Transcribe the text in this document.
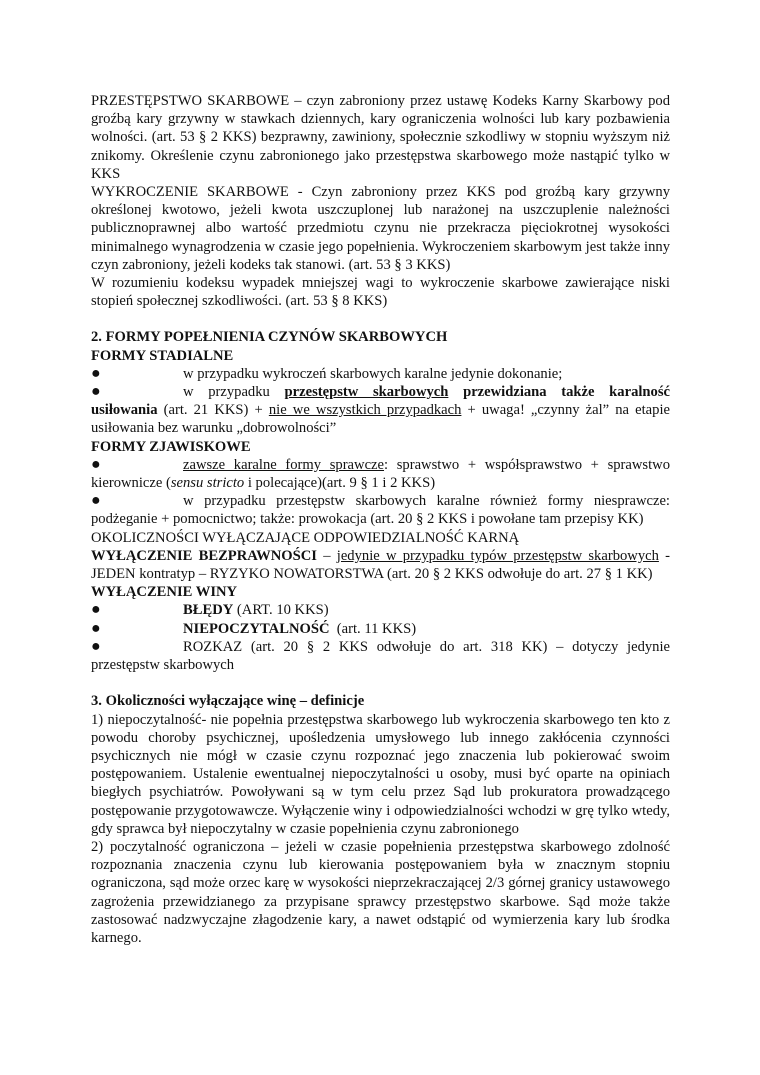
PRZESTĘPSTWO SKARBOWE – czyn zabroniony przez ustawę Kodeks Karny Skarbowy pod groźbą kary grzywny w stawkach dziennych, kary ograniczenia wolności lub kary pozbawienia wolności. (art. 53 § 2 KKS) bezprawny, zawiniony, społecznie szkodliwy w stopniu wyższym niż znikomy. Określenie czynu zabronionego jako przestępstwa skarbowego może nastąpić tylko w KKS

WYKROCZENIE SKARBOWE - Czyn zabroniony przez KKS pod groźbą kary grzywny określonej kwotowo, jeżeli kwota uszczuplonej lub narażonej na uszczuplenie należności publicznoprawnej albo wartość przedmiotu czynu nie przekracza pięciokrotnej wysokości minimalnego wynagrodzenia w czasie jego popełnienia. Wykroczeniem skarbowym jest także inny czyn zabroniony, jeżeli kodeks tak stanowi. (art. 53 § 3 KKS)

W rozumieniu kodeksu wypadek mniejszej wagi to wykroczenie skarbowe zawierające niski stopień społecznej szkodliwości. (art. 53 § 8 KKS)

2. FORMY POPEŁNIENIA CZYNÓW SKARBOWYCH

FORMY STADIALNE

●w przypadku wykroczeń skarbowych karalne jedynie dokonanie;

●w przypadku przestępstw skarbowych przewidziana także karalność usiłowania (art. 21 KKS) + nie we wszystkich przypadkach + uwaga! „czynny żal” na etapie usiłowania bez warunku „dobrowolności”

FORMY ZJAWISKOWE

●zawsze karalne formy sprawcze: sprawstwo + współsprawstwo + sprawstwo kierownicze (sensu stricto i polecające)(art. 9 § 1 i 2 KKS)

●w przypadku przestępstw skarbowych karalne również formy niesprawcze: podżeganie + pomocnictwo; także: prowokacja (art. 20 § 2 KKS i powołane tam przepisy KK)

OKOLICZNOŚCI WYŁĄCZAJĄCE ODPOWIEDZIALNOŚĆ KARNĄ

WYŁĄCZENIE BEZPRAWNOŚCI – jedynie w przypadku typów przestępstw skarbowych - JEDEN kontratyp – RYZYKO NOWATORSTWA (art. 20 § 2 KKS odwołuje do art. 27 § 1 KK)

WYŁĄCZENIE WINY

●BŁĘDY (ART. 10 KKS)

●NIEPOCZYTALNOŚĆ  (art. 11 KKS)

●ROZKAZ (art. 20 § 2 KKS odwołuje do art. 318 KK) – dotyczy jedynie przestępstw skarbowych

3. Okoliczności wyłączające winę – definicje

1) niepoczytalność- nie popełnia przestępstwa skarbowego lub wykroczenia skarbowego ten kto z powodu choroby psychicznej, upośledzenia umysłowego lub innego zakłócenia czynności psychicznych nie mógł w czasie czynu rozpoznać jego znaczenia lub pokierować swoim postępowaniem. Ustalenie ewentualnej niepoczytalności u osoby, musi być oparte na opiniach biegłych psychiatrów. Powoływani są w tym celu przez Sąd lub prokuratora prowadzącego postępowanie przygotowawcze. Wyłączenie winy i odpowiedzialności wchodzi w grę tylko wtedy, gdy sprawca był niepoczytalny w czasie popełnienia czynu zabronionego

2) poczytalność ograniczona – jeżeli w czasie popełnienia przestępstwa skarbowego zdolność rozpoznania znaczenia czynu lub kierowania postępowaniem była w znacznym stopniu ograniczona, sąd może orzec karę w wysokości nieprzekraczającej 2/3 górnej granicy ustawowego zagrożenia przewidzianego za przypisane sprawcy przestępstwo skarbowe. Sąd może także zastosować nadzwyczajne złagodzenie kary, a nawet odstąpić od wymierzenia kary lub środka karnego.
